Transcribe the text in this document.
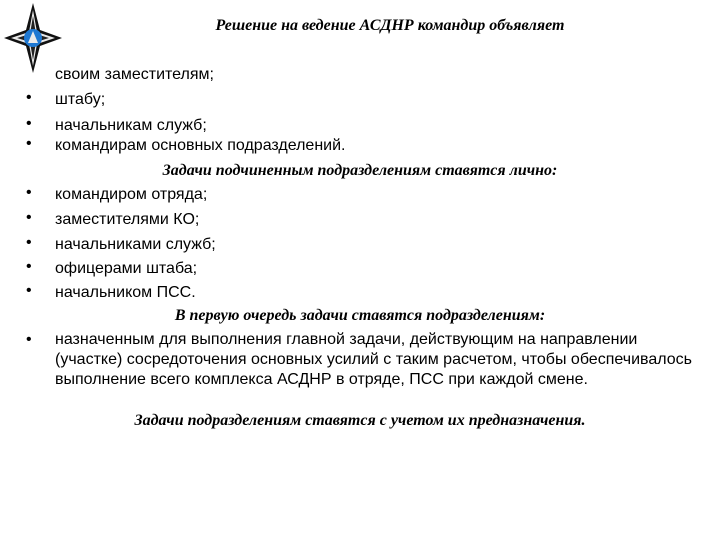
Решение на ведение АСДНР командир объявляет
своим заместителям;
• штабу;
• начальникам служб;
• командирам основных подразделений.
Задачи подчиненным подразделениям ставятся лично:
• командиром отряда;
• заместителями КО;
• начальниками служб;
• офицерами штаба;
• начальником ПСС.
В первую очередь задачи ставятся подразделениям:
• назначенным для выполнения главной задачи, действующим на направлении (участке) сосредоточения основных усилий с таким расчетом, чтобы обеспечивалось выполнение всего комплекса АСДНР в отряде, ПСС при каждой смене.
Задачи подразделениям ставятся с учетом их предназначения.
